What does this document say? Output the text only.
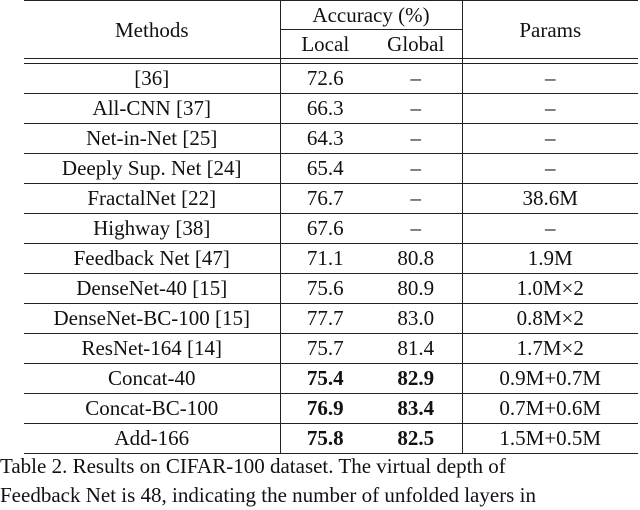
Methods	Accuracy (%)		Params
	Local	Global	

[36]	72.6	–	–
All-CNN [37]	66.3	–	–
Net-in-Net [25]	64.3	–	–
Deeply Sup. Net [24]	65.4	–	–
FractalNet [22]	76.7	–	38.6M
Highway [38]	67.6	–	–
Feedback Net [47]	71.1	80.8	1.9M
DenseNet-40 [15]	75.6	80.9	1.0M×2
DenseNet-BC-100 [15]	77.7	83.0	0.8M×2
ResNet-164 [14]	75.7	81.4	1.7M×2
Concat-40	75.4	82.9	0.9M+0.7M
Concat-BC-100	76.9	83.4	0.7M+0.6M
Add-166	75.8	82.5	1.5M+0.5M
Table 2. Results on CIFAR-100 dataset. The virtual depth of
Feedback Net is 48, indicating the number of unfolded layers in
